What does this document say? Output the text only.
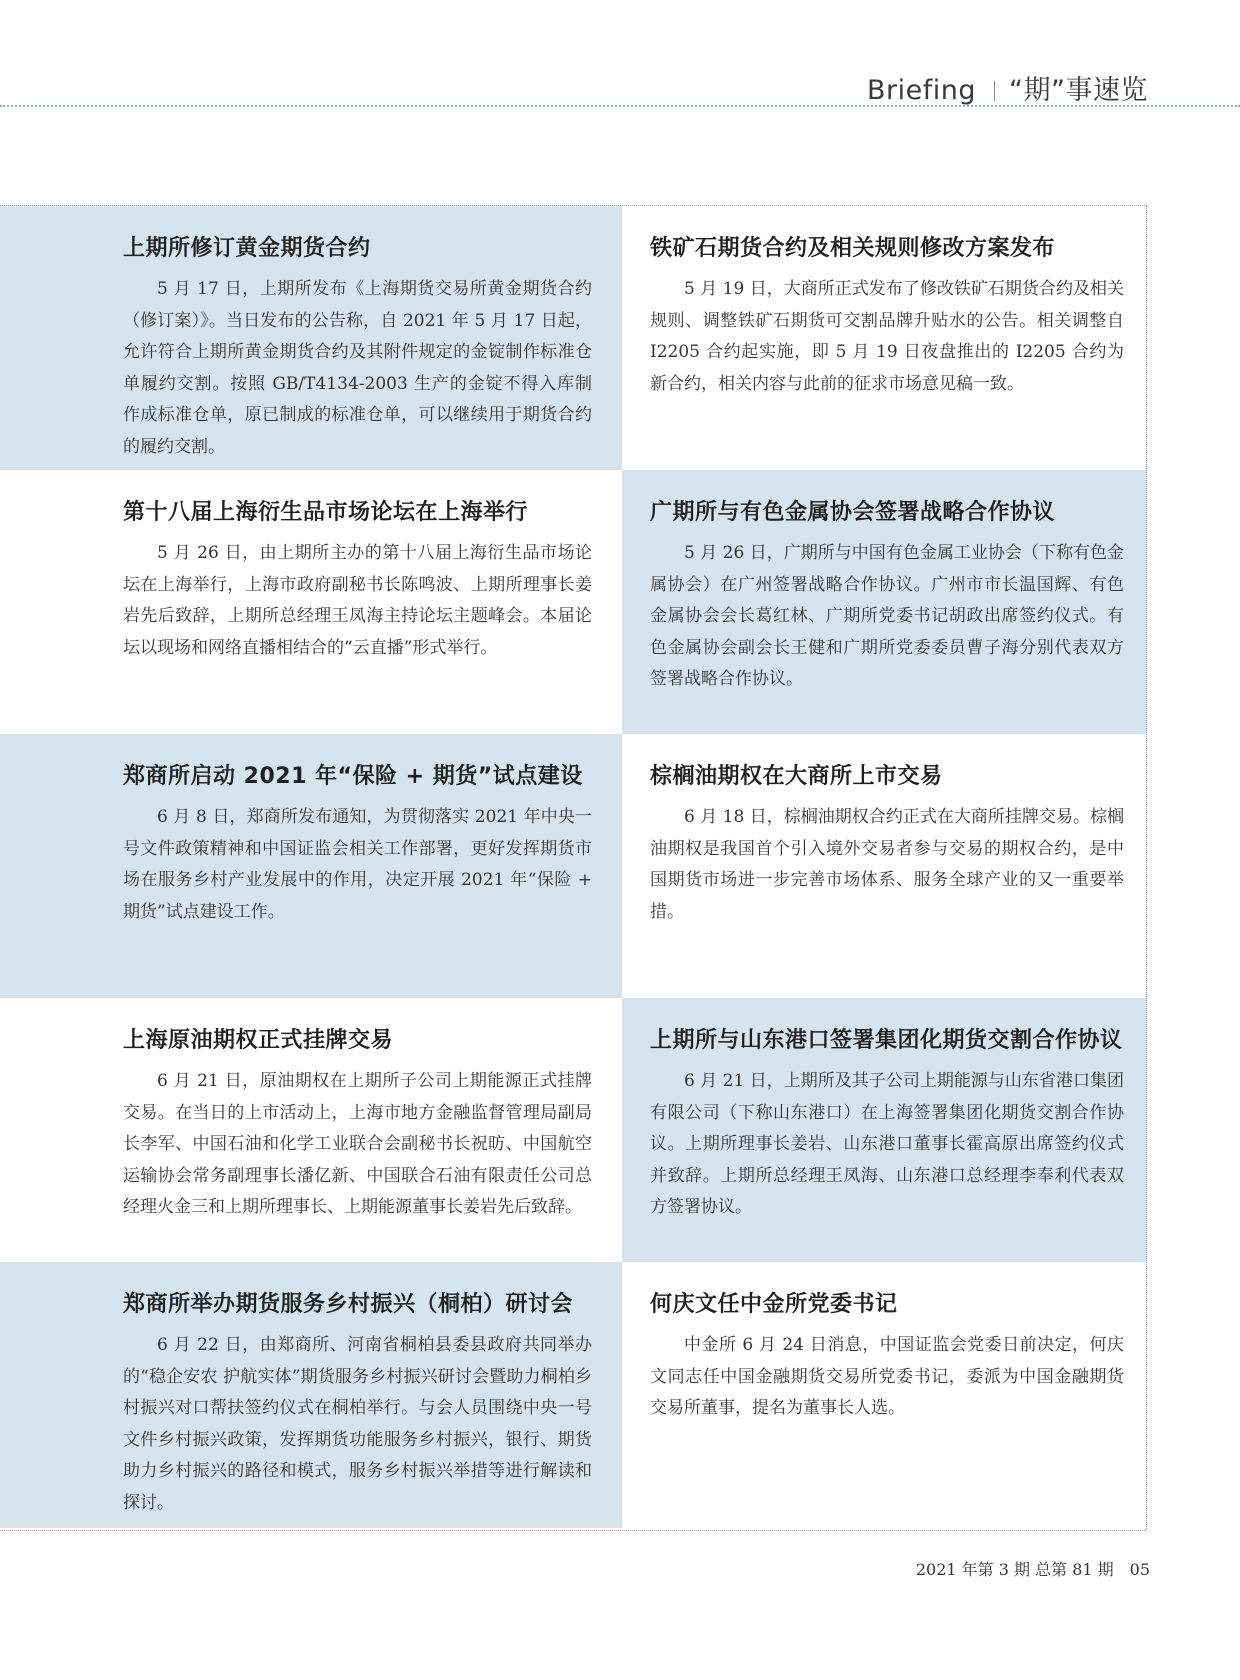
Briefing “期”事速览
上期所修订黄金期货合约

5 月 17 日，上期所发布《上海期货交易所黄金期货合约（修订案）》。当日发布的公告称，自 2021 年 5 月 17 日起，允许符合上期所黄金期货合约及其附件规定的金锭制作标准仓单履约交割。按照 GB/T4134-2003 生产的金锭不得入库制作成标准仓单，原已制成的标准仓单，可以继续用于期货合约的履约交割。

铁矿石期货合约及相关规则修改方案发布

5 月 19 日，大商所正式发布了修改铁矿石期货合约及相关规则、调整铁矿石期货可交割品牌升贴水的公告。相关调整自 I2205 合约起实施，即 5 月 19 日夜盘推出的 I2205 合约为新合约，相关内容与此前的征求市场意见稿一致。

第十八届上海衍生品市场论坛在上海举行

5 月 26 日，由上期所主办的第十八届上海衍生品市场论坛在上海举行，上海市政府副秘书长陈鸣波、上期所理事长姜岩先后致辞，上期所总经理王凤海主持论坛主题峰会。本届论坛以现场和网络直播相结合的“云直播”形式举行。

广期所与有色金属协会签署战略合作协议

5 月 26 日，广期所与中国有色金属工业协会（下称有色金属协会）在广州签署战略合作协议。广州市市长温国辉、有色金属协会会长葛红林、广期所党委书记胡政出席签约仪式。有色金属协会副会长王健和广期所党委委员曹子海分别代表双方签署战略合作协议。

郑商所启动 2021 年“保险 + 期货”试点建设

6 月 8 日，郑商所发布通知，为贯彻落实 2021 年中央一号文件政策精神和中国证监会相关工作部署，更好发挥期货市场在服务乡村产业发展中的作用，决定开展 2021 年“保险 + 期货”试点建设工作。

棕榈油期权在大商所上市交易

6 月 18 日，棕榈油期权合约正式在大商所挂牌交易。棕榈油期权是我国首个引入境外交易者参与交易的期权合约，是中国期货市场进一步完善市场体系、服务全球产业的又一重要举措。

上海原油期权正式挂牌交易

6 月 21 日，原油期权在上期所子公司上期能源正式挂牌交易。在当日的上市活动上，上海市地方金融监督管理局副局长李军、中国石油和化学工业联合会副秘书长祝昉、中国航空运输协会常务副理事长潘亿新、中国联合石油有限责任公司总经理火金三和上期所理事长、上期能源董事长姜岩先后致辞。

上期所与山东港口签署集团化期货交割合作协议

6 月 21 日，上期所及其子公司上期能源与山东省港口集团有限公司（下称山东港口）在上海签署集团化期货交割合作协议。上期所理事长姜岩、山东港口董事长霍高原出席签约仪式并致辞。上期所总经理王凤海、山东港口总经理李奉利代表双方签署协议。

郑商所举办期货服务乡村振兴（桐柏）研讨会

6 月 22 日，由郑商所、河南省桐柏县委县政府共同举办的“稳企安农 护航实体”期货服务乡村振兴研讨会暨助力桐柏乡村振兴对口帮扶签约仪式在桐柏举行。与会人员围绕中央一号文件乡村振兴政策，发挥期货功能服务乡村振兴，银行、期货助力乡村振兴的路径和模式，服务乡村振兴举措等进行解读和探讨。

何庆文任中金所党委书记

中金所 6 月 24 日消息，中国证监会党委日前决定，何庆文同志任中国金融期货交易所党委书记，委派为中国金融期货交易所董事，提名为董事长人选。

2021 年第 3 期 总第 81 期 05
